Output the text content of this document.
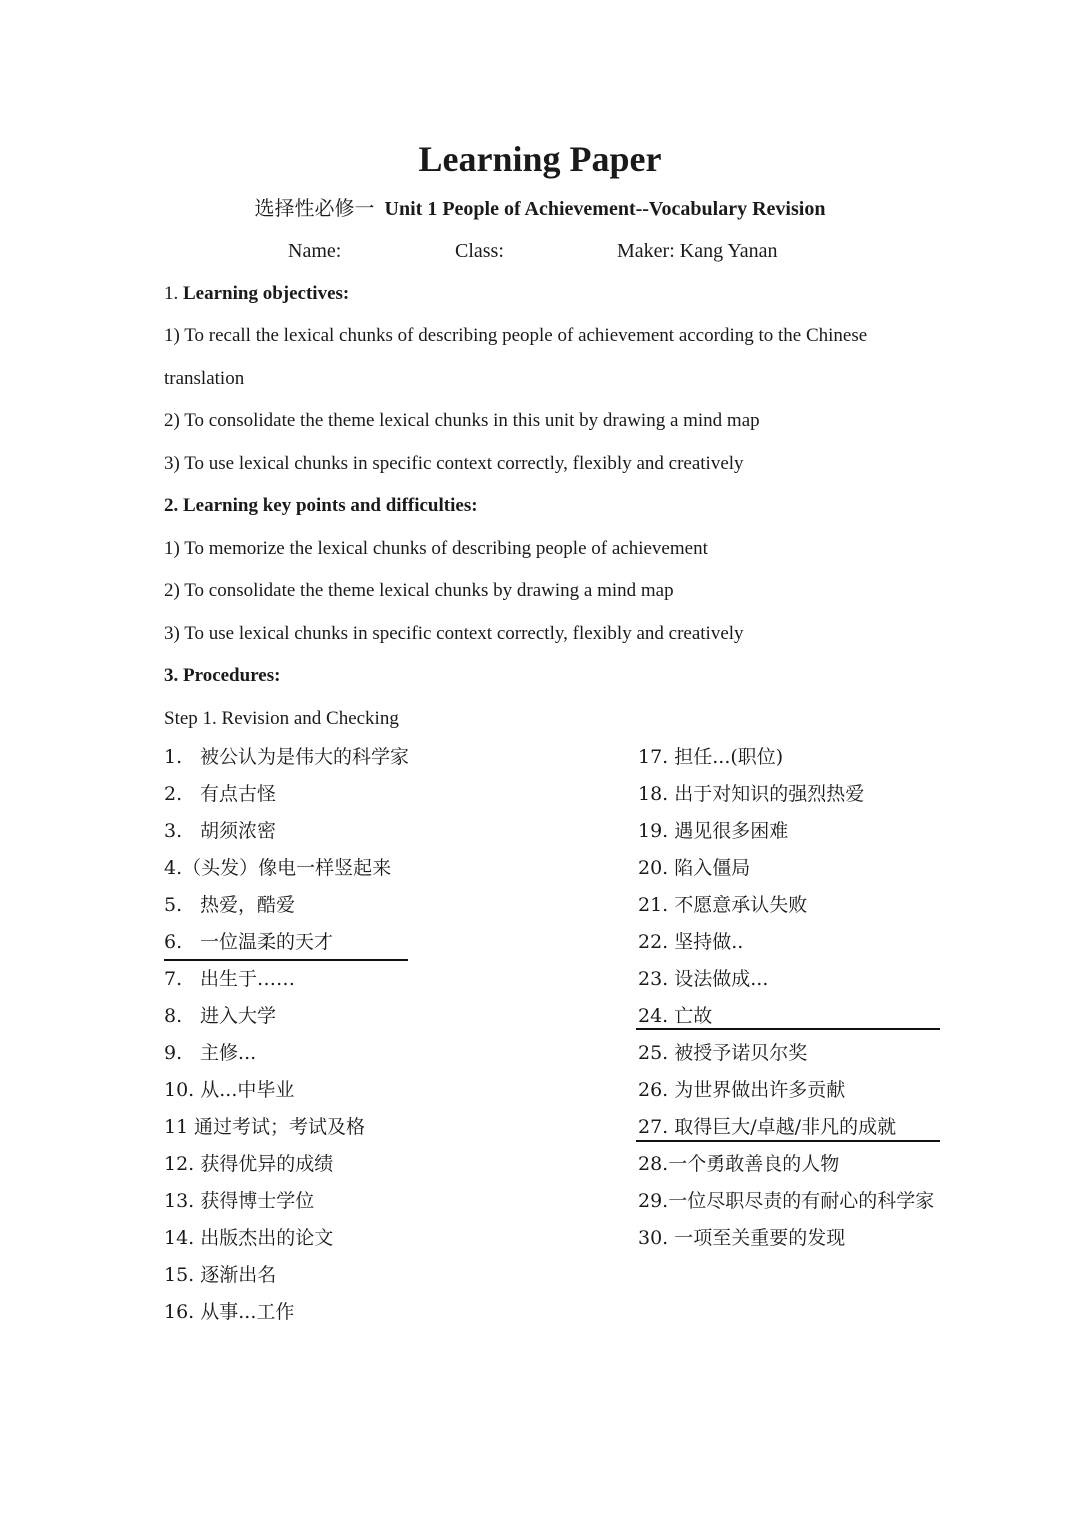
Learning Paper
选择性必修一 Unit 1 People of Achievement--Vocabulary Revision
Name:	Class:	Maker: Kang Yanan
1. Learning objectives:
1) To recall the lexical chunks of describing people of achievement according to the Chinese
translation
2) To consolidate the theme lexical chunks in this unit by drawing a mind map
3) To use lexical chunks in specific context correctly, flexibly and creatively
2. Learning key points and difficulties:
1) To memorize the lexical chunks of describing people of achievement
2) To consolidate the theme lexical chunks by drawing a mind map
3) To use lexical chunks in specific context correctly, flexibly and creatively
3. Procedures:
Step 1. Revision and Checking
1. 被公认为是伟大的科学家
2. 有点古怪
3. 胡须浓密
4.（头发）像电一样竖起来
5. 热爱，酷爱
6. 一位温柔的天才
7. 出生于……
8. 进入大学
9. 主修...
10. 从...中毕业
11 通过考试；考试及格
12. 获得优异的成绩
13. 获得博士学位
14. 出版杰出的论文
15. 逐渐出名
16. 从事...工作
17. 担任...(职位)
18. 出于对知识的强烈热爱
19. 遇见很多困难
20. 陷入僵局
21. 不愿意承认失败
22. 坚持做..
23. 设法做成...
24. 亡故
25. 被授予诺贝尔奖
26. 为世界做出许多贡献
27. 取得巨大/卓越/非凡的成就
28.一个勇敢善良的人物
29.一位尽职尽责的有耐心的科学家
30. 一项至关重要的发现
